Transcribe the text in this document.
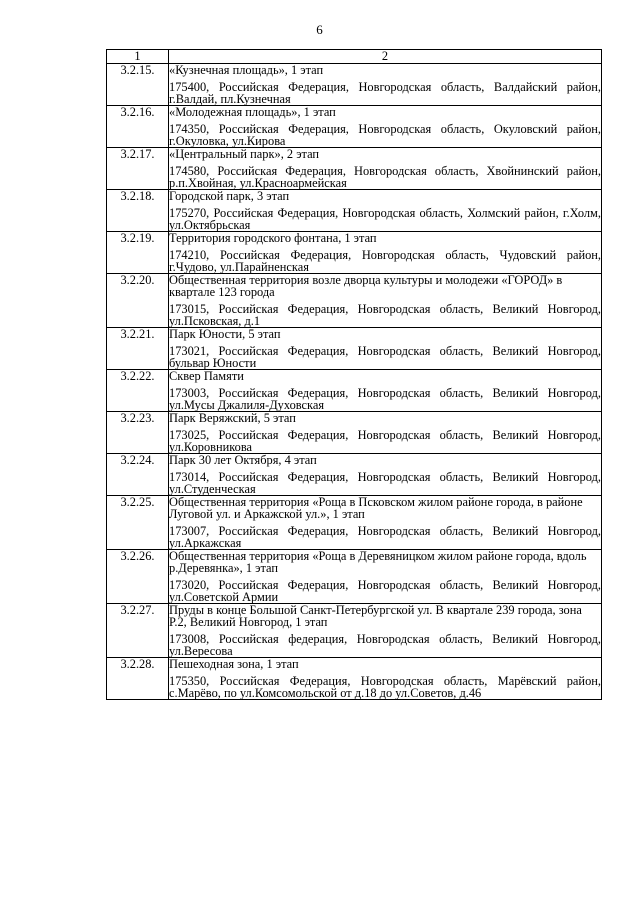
6
1	2
3.2.15.	«Кузнечная площадь», 1 этап
175400, Российская Федерация, Новгородская область, Валдайский район, г.Валдай, пл.Кузнечная

3.2.16.	«Молодежная площадь», 1 этап
174350, Российская Федерация, Новгородская область, Окуловский район, г.Окуловка, ул.Кирова

3.2.17.	«Центральный парк», 2 этап
174580, Российская Федерация, Новгородская область, Хвойнинский район, р.п.Хвойная, ул.Красноармейская

3.2.18.	Городской парк, 3 этап
175270, Российская Федерация, Новгородская область, Холмский район, г.Холм, ул.Октябрьская

3.2.19.	Территория городского фонтана, 1 этап
174210, Российская Федерация, Новгородская область, Чудовский район, г.Чудово, ул.Парайненская

3.2.20.	Общественная территория возле дворца культуры и молодежи «ГОРОД» в квартале 123 города
173015, Российская Федерация, Новгородская область, Великий Новгород, ул.Псковская, д.1

3.2.21.	Парк Юности, 5 этап
173021, Российская Федерация, Новгородская область, Великий Новгород, бульвар Юности

3.2.22.	Сквер Памяти
173003, Российская Федерация, Новгородская область, Великий Новгород, ул.Мусы Джалиля-Духовская

3.2.23.	Парк Веряжский, 5 этап
173025, Российская Федерация, Новгородская область, Великий Новгород, ул.Коровникова

3.2.24.	Парк 30 лет Октября, 4 этап
173014, Российская Федерация, Новгородская область, Великий Новгород, ул.Студенческая

3.2.25.	Общественная территория «Роща в Псковском жилом районе города, в районе Луговой ул. и Аркажской ул.», 1 этап
173007, Российская Федерация, Новгородская область, Великий Новгород, ул.Аркажская

3.2.26.	Общественная территория «Роща в Деревяницком жилом районе города, вдоль р.Деревянка», 1 этап
173020, Российская Федерация, Новгородская область, Великий Новгород, ул.Советской Армии

3.2.27.	Пруды в конце Большой Санкт-Петербургской ул. В квартале 239 города, зона Р.2, Великий Новгород, 1 этап
173008, Российская федерация, Новгородская область, Великий Новгород, ул.Вересова

3.2.28.	Пешеходная зона, 1 этап
175350, Российская Федерация, Новгородская область, Марёвский район, с.Марёво, по ул.Комсомольской от д.18 до ул.Советов, д.46
